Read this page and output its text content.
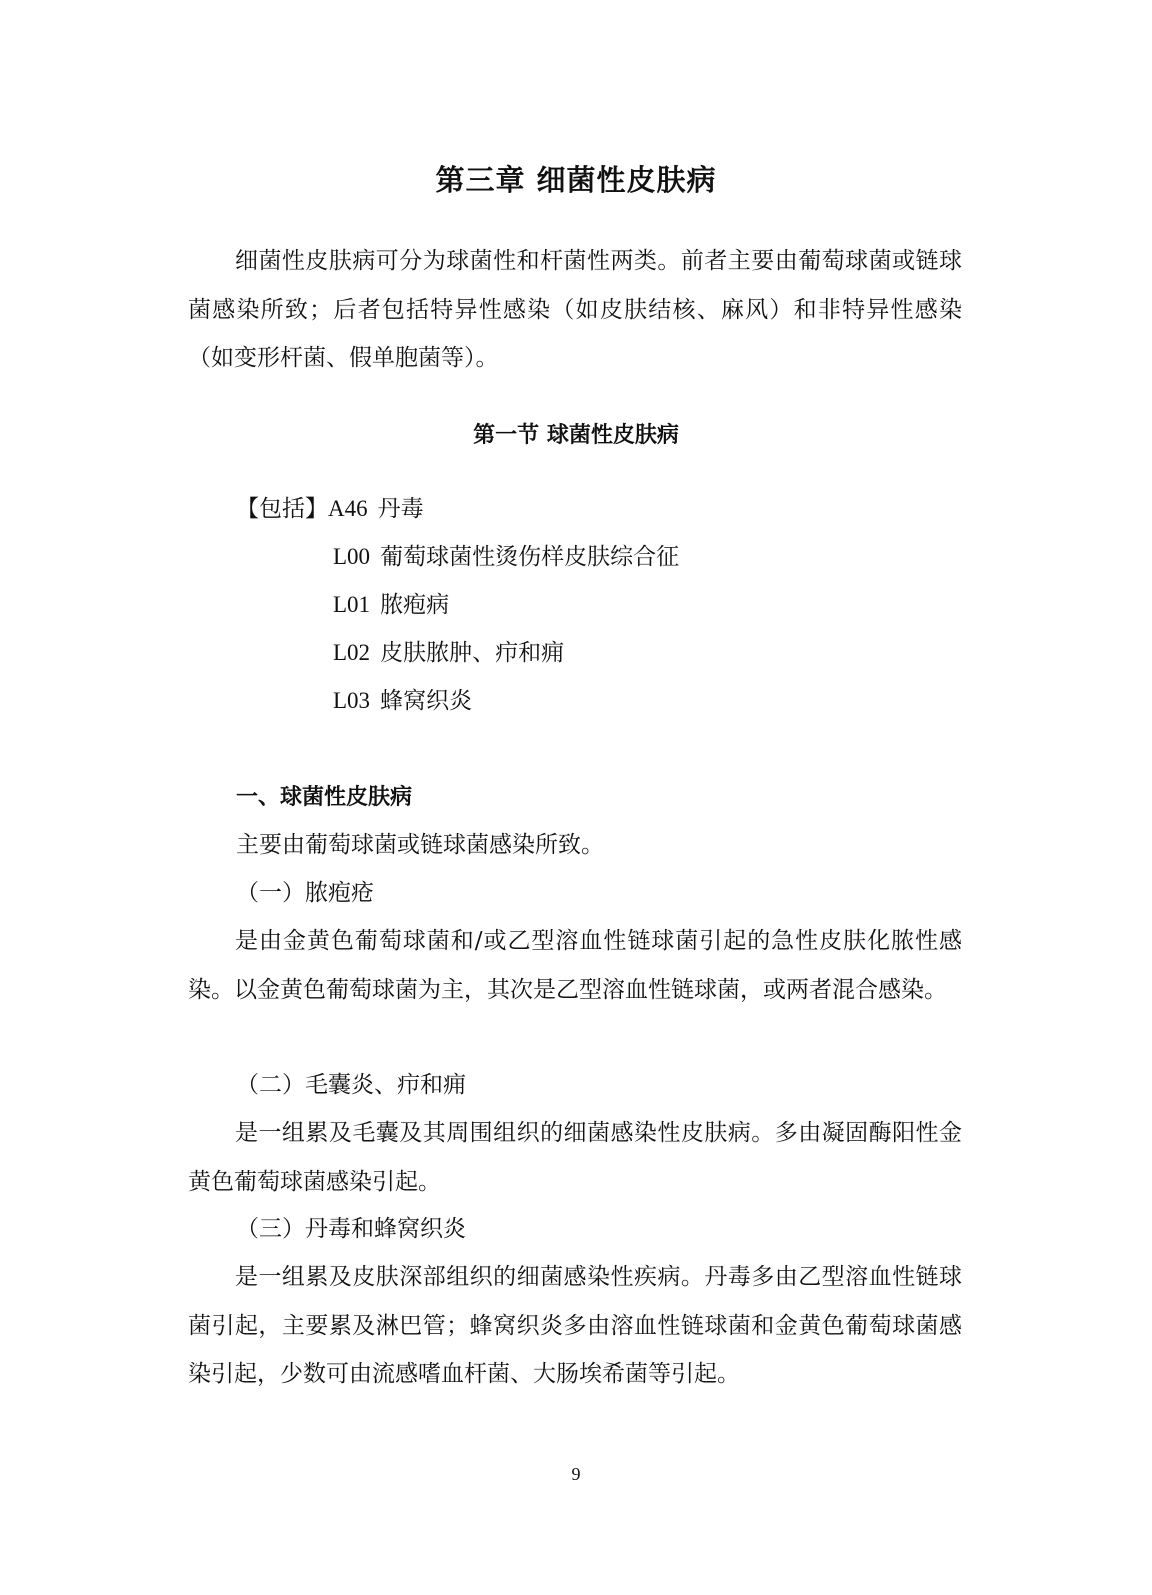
第三章 细菌性皮肤病

细菌性皮肤病可分为球菌性和杆菌性两类。前者主要由葡萄球菌或链球菌感染所致；后者包括特异性感染（如皮肤结核、麻风）和非特异性感染（如变形杆菌、假单胞菌等）。

第一节 球菌性皮肤病
【包括】A46 丹毒
L00 葡萄球菌性烫伤样皮肤综合征
L01 脓疱病
L02 皮肤脓肿、疖和痈
L03 蜂窝织炎
一、球菌性皮肤病
主要由葡萄球菌或链球菌感染所致。
（一）脓疱疮

是由金黄色葡萄球菌和/或乙型溶血性链球菌引起的急性皮肤化脓性感染。以金黄色葡萄球菌为主，其次是乙型溶血性链球菌，或两者混合感染。

（二）毛囊炎、疖和痈

是一组累及毛囊及其周围组织的细菌感染性皮肤病。多由凝固酶阳性金黄色葡萄球菌感染引起。

（三）丹毒和蜂窝织炎

是一组累及皮肤深部组织的细菌感染性疾病。丹毒多由乙型溶血性链球菌引起，主要累及淋巴管；蜂窝织炎多由溶血性链球菌和金黄色葡萄球菌感染引起，少数可由流感嗜血杆菌、大肠埃希菌等引起。

9
